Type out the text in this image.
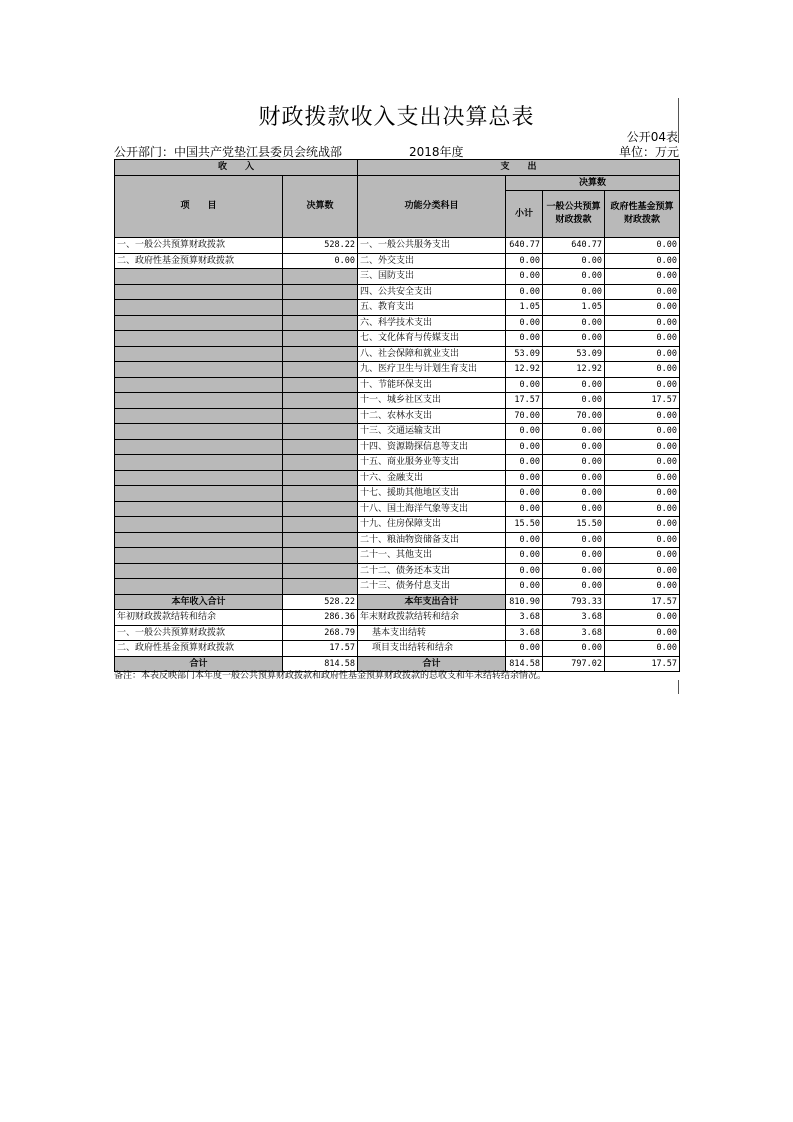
财政拨款收入支出决算总表
公开04表
公开部门：中国共产党垫江县委员会统战部	2018年度	单位：万元
收　　入		支　　出			
项　　目	决算数	功能分类科目	决算数		
			小计	一般公共预算财政拨款	政府性基金预算财政拨款
一、一般公共预算财政拨款	528.22	一、一般公共服务支出	640.77	640.77	0.00
二、政府性基金预算财政拨款	0.00	二、外交支出	0.00	0.00	0.00
		三、国防支出	0.00	0.00	0.00
		四、公共安全支出	0.00	0.00	0.00
		五、教育支出	1.05	1.05	0.00
		六、科学技术支出	0.00	0.00	0.00
		七、文化体育与传媒支出	0.00	0.00	0.00
		八、社会保障和就业支出	53.09	53.09	0.00
		九、医疗卫生与计划生育支出	12.92	12.92	0.00
		十、节能环保支出	0.00	0.00	0.00
		十一、城乡社区支出	17.57	0.00	17.57
		十二、农林水支出	70.00	70.00	0.00
		十三、交通运输支出	0.00	0.00	0.00
		十四、资源勘探信息等支出	0.00	0.00	0.00
		十五、商业服务业等支出	0.00	0.00	0.00
		十六、金融支出	0.00	0.00	0.00
		十七、援助其他地区支出	0.00	0.00	0.00
		十八、国土海洋气象等支出	0.00	0.00	0.00
		十九、住房保障支出	15.50	15.50	0.00
		二十、粮油物资储备支出	0.00	0.00	0.00
		二十一、其他支出	0.00	0.00	0.00
		二十二、债务还本支出	0.00	0.00	0.00
		二十三、债务付息支出	0.00	0.00	0.00
本年收入合计	528.22	本年支出合计	810.90	793.33	17.57
年初财政拨款结转和结余	286.36	年末财政拨款结转和结余	3.68	3.68	0.00
一、一般公共预算财政拨款	268.79	基本支出结转	3.68	3.68	0.00
二、政府性基金预算财政拨款	17.57	项目支出结转和结余	0.00	0.00	0.00
合计	814.58	合计	814.58	797.02	17.57
备注：本表反映部门本年度一般公共预算财政拨款和政府性基金预算财政拨款的总收支和年末结转结余情况。
